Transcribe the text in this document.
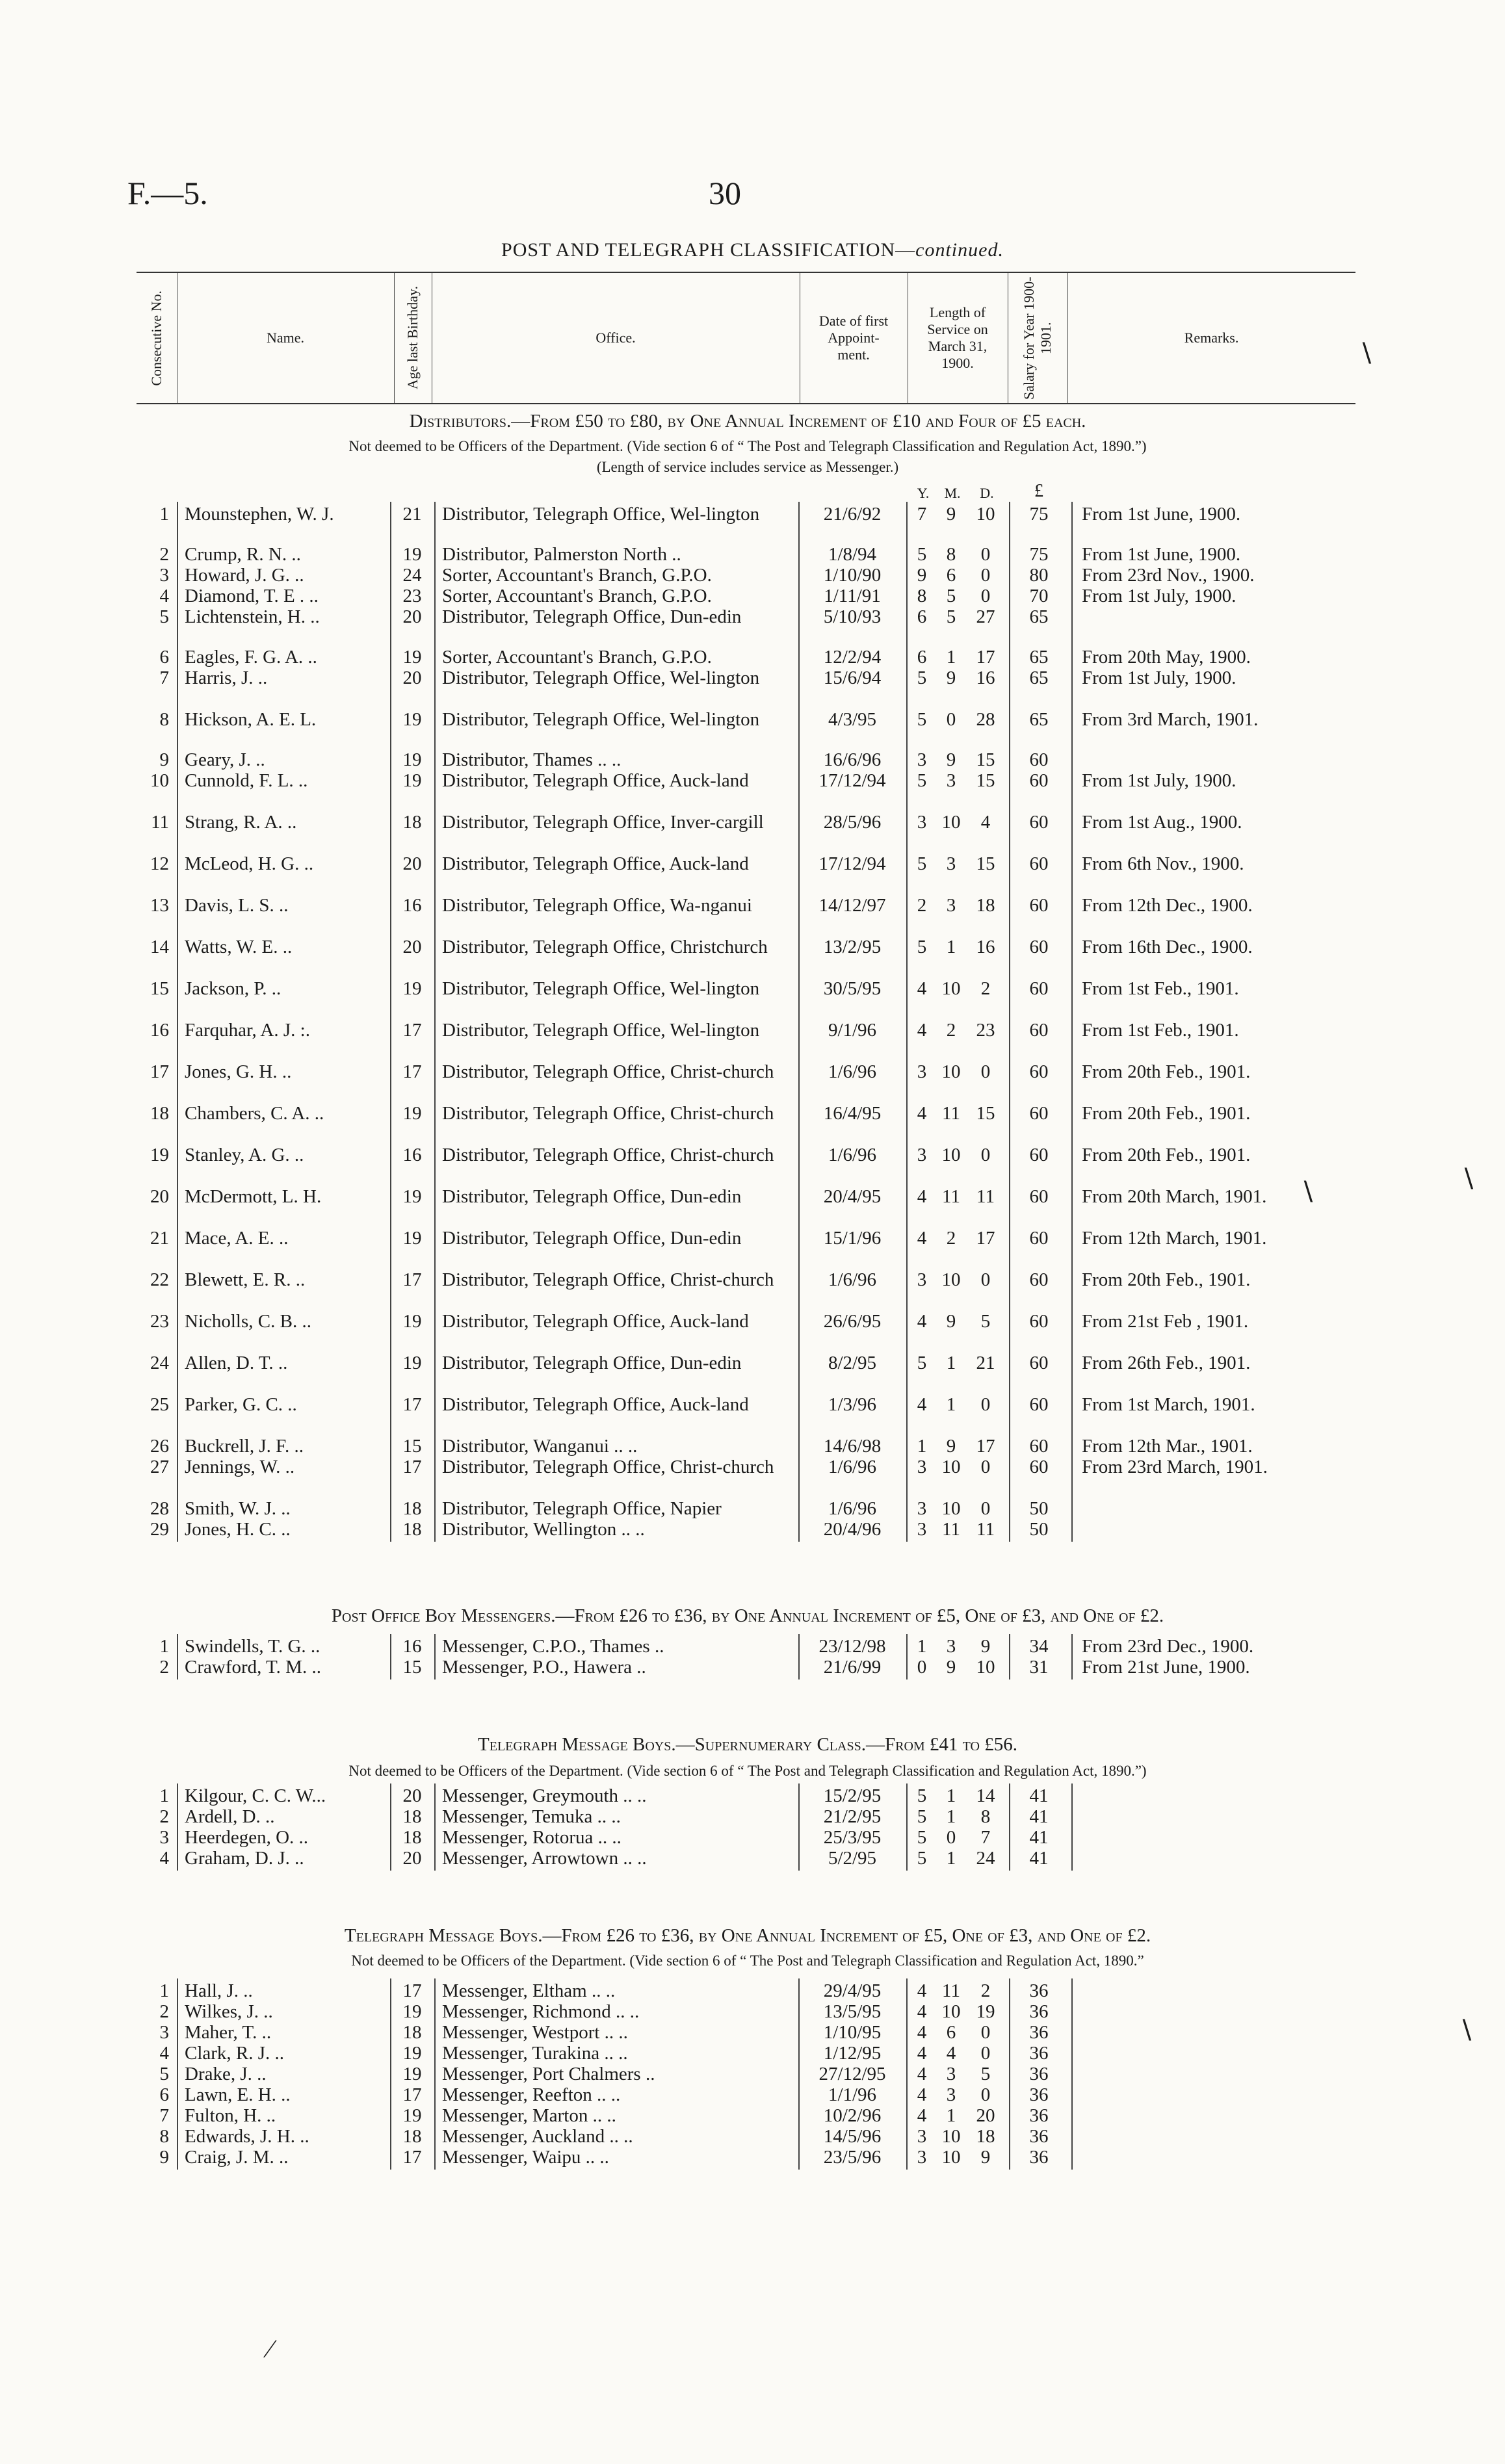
F.—5.	30
POST AND TELEGRAPH CLASSIFICATION—continued.
Consecutive No.	Name.	Age last Birthday.	Office.
Date of first Appoint-ment.
Length of Service on March 31, 1900.	Salary for Year 1900-1901.	Remarks.
∖
Distributors.—From £50 to £80, by One Annual Increment of £10 and Four of £5 each.
Not deemed to be Officers of the Department. (Vide section 6 of “ The Post and Telegraph Classification and Regulation Act, 1890.”)
(Length of service includes service as Messenger.)
Y.	M.	D.	£
1 Mounstephen, W. J.	21 Distributor, Telegraph Office, Wel-lington	21/6/92	7	9	10	75	From 1st June, 1900.
2 Crump, R. N. ..	19 Distributor, Palmerston North ..	1/8/94	5	8	0	75	From 1st June, 1900.
3 Howard, J. G. ..	24 Sorter, Accountant's Branch, G.P.O.	1/10/90	9	6	0	80	From 23rd Nov., 1900.
4 Diamond, T. E . ..	23 Sorter, Accountant's Branch, G.P.O.	1/11/91	8	5	0	70	From 1st July, 1900.
5 Lichtenstein, H. ..	20 Distributor, Telegraph Office, Dun-edin	5/10/93	6	5	27	65
6 Eagles, F. G. A. ..	19 Sorter, Accountant's Branch, G.P.O.	12/2/94	6	1	17	65	From 20th May, 1900.
7 Harris, J. ..	20 Distributor, Telegraph Office, Wel-lington	15/6/94	5	9	16	65	From 1st July, 1900.
8 Hickson, A. E. L.	19 Distributor, Telegraph Office, Wel-lington	4/3/95	5	0	28	65	From 3rd March, 1901.
9 Geary, J. ..	19 Distributor, Thames .. ..	16/6/96	3	9	15	60
10 Cunnold, F. L. ..	19 Distributor, Telegraph Office, Auck-land	17/12/94	5	3	15	60	From 1st July, 1900.
11 Strang, R. A. ..	18 Distributor, Telegraph Office, Inver-cargill	28/5/96	3 10	4	60	From 1st Aug., 1900.
12 McLeod, H. G. ..	20 Distributor, Telegraph Office, Auck-land	17/12/94	5	3	15	60	From 6th Nov., 1900.
13 Davis, L. S. ..	16 Distributor, Telegraph Office, Wa-nganui	14/12/97	2	3	18	60	From 12th Dec., 1900.
14 Watts, W. E. ..	20 Distributor, Telegraph Office, Christchurch	13/2/95	5	1	16	60	From 16th Dec., 1900.
15 Jackson, P. ..	19 Distributor, Telegraph Office, Wel-lington	30/5/95	4 10	2	60	From 1st Feb., 1901.
16 Farquhar, A. J. :.	17 Distributor, Telegraph Office, Wel-lington	9/1/96	4	2	23	60	From 1st Feb., 1901.
17 Jones, G. H. ..	17 Distributor, Telegraph Office, Christ-church	1/6/96	3 10	0	60	From 20th Feb., 1901.
18 Chambers, C. A. ..	19 Distributor, Telegraph Office, Christ-church	16/4/95	4 11 15	60	From 20th Feb., 1901.
19 Stanley, A. G. ..	16 Distributor, Telegraph Office, Christ-church	1/6/96	3 10	0	60	From 20th Feb., 1901.
20 McDermott, L. H.	19 Distributor, Telegraph Office, Dun-edin	20/4/95	4 11 11	60	From 20th March, 1901.
21 Mace, A. E. ..	19 Distributor, Telegraph Office, Dun-edin	15/1/96	4	2	17	60	From 12th March, 1901.
22 Blewett, E. R. ..	17 Distributor, Telegraph Office, Christ-church	1/6/96	3 10	0	60	From 20th Feb., 1901.
23 Nicholls, C. B. ..	19 Distributor, Telegraph Office, Auck-land	26/6/95	4	9	5	60	From 21st Feb , 1901.
24 Allen, D. T. ..	19 Distributor, Telegraph Office, Dun-edin	8/2/95	5	1	21	60	From 26th Feb., 1901.
25 Parker, G. C. ..	17 Distributor, Telegraph Office, Auck-land	1/3/96	4	1	0	60	From 1st March, 1901.
26 Buckrell, J. F. ..	15 Distributor, Wanganui .. ..	14/6/98	1	9	17	60	From 12th Mar., 1901.
27 Jennings, W. ..	17 Distributor, Telegraph Office, Christ-church	1/6/96	3 10	0	60	From 23rd March, 1901.
28 Smith, W. J. ..	18 Distributor, Telegraph Office, Napier	1/6/96	3 10	0	50
29 Jones, H. C. ..	18 Distributor, Wellington .. ..	20/4/96	3 11 11	50
Post Office Boy Messengers.—From £26 to £36, by One Annual Increment of £5, One of £3, and One of £2.
1 Swindells, T. G. ..	16 Messenger, C.P.O., Thames ..	23/12/98	1	3	9	34	From 23rd Dec., 1900.
2 Crawford, T. M. ..	15 Messenger, P.O., Hawera ..	21/6/99	0	9	10	31	From 21st June, 1900.
Telegraph Message Boys.—Supernumerary Class.—From £41 to £56.
Not deemed to be Officers of the Department. (Vide section 6 of “ The Post and Telegraph Classification and Regulation Act, 1890.”)
1 Kilgour, C. C. W...	20 Messenger, Greymouth .. ..	15/2/95	5	1	14	41
2 Ardell, D. ..	18 Messenger, Temuka .. ..	21/2/95	5	1	8	41
3 Heerdegen, O. ..	18 Messenger, Rotorua .. ..	25/3/95	5	0	7	41
4 Graham, D. J. ..	20 Messenger, Arrowtown .. ..	5/2/95	5	1	24	41
Telegraph Message Boys.—From £26 to £36, by One Annual Increment of £5, One of £3, and One of £2.
Not deemed to be Officers of the Department. (Vide section 6 of “ The Post and Telegraph Classification and Regulation Act, 1890.”
1 Hall, J. ..	17 Messenger, Eltham .. ..	29/4/95	4 11	2	36
2 Wilkes, J. ..	19 Messenger, Richmond .. ..	13/5/95	4 10 19	36
3 Maher, T. ..	18 Messenger, Westport .. ..	1/10/95	4	6	0	36
4 Clark, R. J. ..	19 Messenger, Turakina .. ..	1/12/95	4	4	0	36
5 Drake, J. ..	19 Messenger, Port Chalmers ..	27/12/95	4	3	5	36
6 Lawn, E. H. ..	17 Messenger, Reefton .. ..	1/1/96	4	3	0	36
7 Fulton, H. ..	19 Messenger, Marton .. ..	10/2/96	4	1	20	36
8 Edwards, J. H. ..	18 Messenger, Auckland .. ..	14/5/96	3 10 18	36
9 Craig, J. M. ..	17 Messenger, Waipu .. ..	23/5/96	3 10	9	36
∖	∖
∖
∕
